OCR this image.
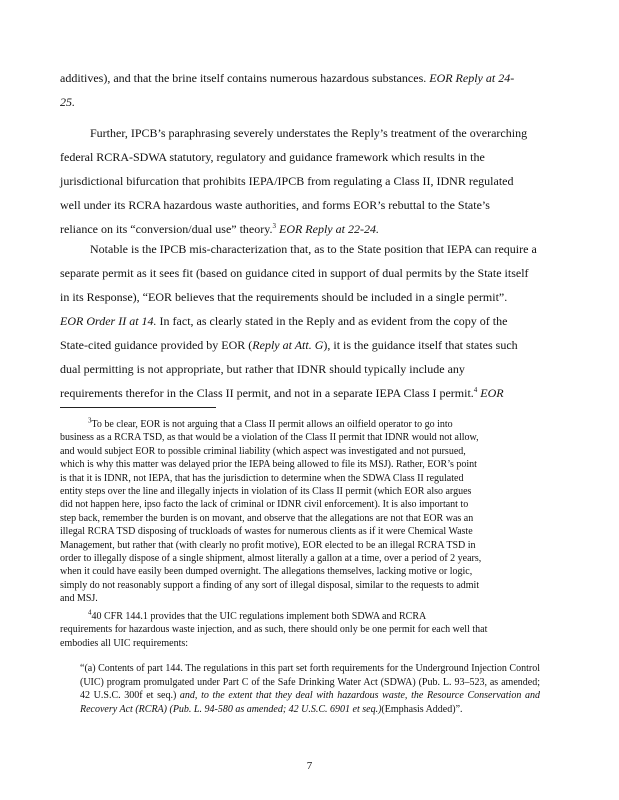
additives), and that the brine itself contains numerous hazardous substances. EOR Reply at 24-

25.

Further, IPCB’s paraphrasing severely understates the Reply’s treatment of the overarching

federal RCRA-SDWA statutory, regulatory and guidance framework which results in the

jurisdictional bifurcation that prohibits IEPA/IPCB from regulating a Class II, IDNR regulated

well under its RCRA hazardous waste authorities, and forms EOR’s rebuttal to the State’s

reliance on its “conversion/dual use” theory.$^3$ EOR Reply at 22-24.

Notable is the IPCB mis-characterization that, as to the State position that IEPA can require a

separate permit as it sees fit (based on guidance cited in support of dual permits by the State itself

in its Response), “EOR believes that the requirements should be included in a single permit”.

EOR Order II at 14. In fact, as clearly stated in the Reply and as evident from the copy of the

State-cited guidance provided by EOR (Reply at Att. G), it is the guidance itself that states such

dual permitting is not appropriate, but rather that IDNR should typically include any

requirements therefor in the Class II permit, and not in a separate IEPA Class I permit.$^4$ EOR

$^3$To be clear, EOR is not arguing that a Class II permit allows an oilfield operator to go into

business as a RCRA TSD, as that would be a violation of the Class II permit that IDNR would not allow,

and would subject EOR to possible criminal liability (which aspect was investigated and not pursued,

which is why this matter was delayed prior the IEPA being allowed to file its MSJ). Rather, EOR’s point

is that it is IDNR, not IEPA, that has the jurisdiction to determine when the SDWA Class II regulated

entity steps over the line and illegally injects in violation of its Class II permit (which EOR also argues

did not happen here, ipso facto the lack of criminal or IDNR civil enforcement). It is also important to

step back, remember the burden is on movant, and observe that the allegations are not that EOR was an

illegal RCRA TSD disposing of truckloads of wastes for numerous clients as if it were Chemical Waste

Management, but rather that (with clearly no profit motive), EOR elected to be an illegal RCRA TSD in

order to illegally dispose of a single shipment, almost literally a gallon at a time, over a period of 2 years,

when it could have easily been dumped overnight. The allegations themselves, lacking motive or logic,

simply do not reasonably support a finding of any sort of illegal disposal, similar to the requests to admit

and MSJ.

$^4$40 CFR 144.1 provides that the UIC regulations implement both SDWA and RCRA

requirements for hazardous waste injection, and as such, there should only be one permit for each well that

embodies all UIC requirements:

“(a) Contents of part 144. The regulations in this part set forth requirements for the Underground Injection Control (UIC) program promulgated under Part C of the Safe Drinking Water Act (SDWA) (Pub. L. 93–523, as amended; 42 U.S.C. 300f et seq.) and, to the extent that they deal with hazardous waste, the Resource Conservation and Recovery Act (RCRA) (Pub. L. 94-580 as amended; 42 U.S.C. 6901 et seq.)(Emphasis Added)”.

7
